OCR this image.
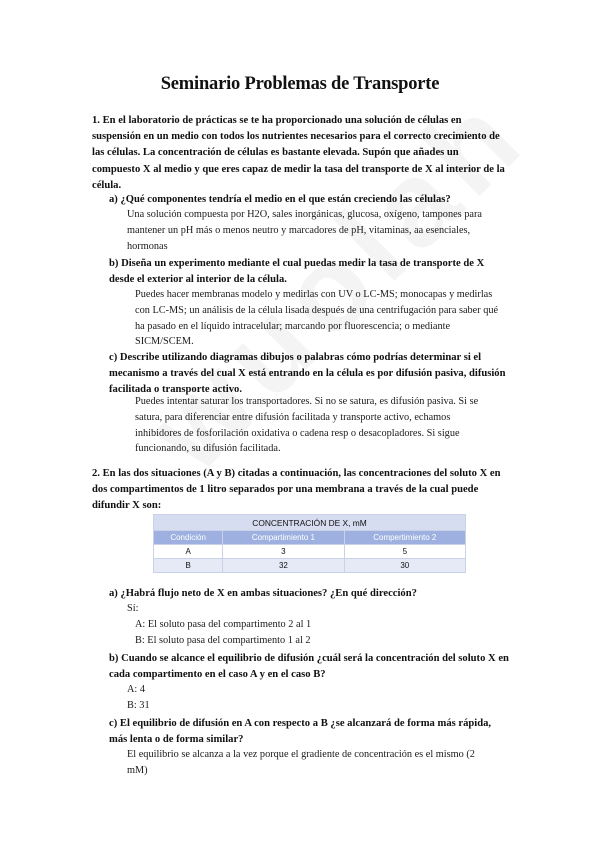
Seminario Problemas de Transporte
1. En el laboratorio de prácticas se te ha proporcionado una solución de células en
suspensión en un medio con todos los nutrientes necesarios para el correcto crecimiento de
las células. La concentración de células es bastante elevada. Supón que añades un
compuesto X al medio y que eres capaz de medir la tasa del transporte de X al interior de la
célula.
a) ¿Qué componentes tendría el medio en el que están creciendo las células?
Una solución compuesta por H2O, sales inorgánicas, glucosa, oxígeno, tampones para
mantener un pH más o menos neutro y marcadores de pH, vitaminas, aa esenciales,
hormonas
b) Diseña un experimento mediante el cual puedas medir la tasa de transporte de X
desde el exterior al interior de la célula.
Puedes hacer membranas modelo y medirlas con UV o LC-MS; monocapas y medirlas
con LC-MS; un análisis de la célula lisada después de una centrifugación para saber qué
ha pasado en el líquido intracelular; marcando por fluorescencia; o mediante
SICM/SCEM.
c) Describe utilizando diagramas dibujos o palabras cómo podrías determinar si el
mecanismo a través del cual X está entrando en la célula es por difusión pasiva, difusión
facilitada o transporte activo.
Puedes intentar saturar los transportadores. Si no se satura, es difusión pasiva. Si se
satura, para diferenciar entre difusión facilitada y transporte activo, echamos
inhibidores de fosforilación oxidativa o cadena resp o desacopladores. Si sigue
funcionando, su difusión facilitada.
2. En las dos situaciones (A y B) citadas a continuación, las concentraciones del soluto X en
dos compartimentos de 1 litro separados por una membrana a través de la cual puede
difundir X son:
CONCENTRACIÓN DE X, mM		
Condición	Compartimiento 1	Compertimiento 2
A	3	5
B	32	30
a) ¿Habrá flujo neto de X en ambas situaciones? ¿En qué dirección?
Sí:
A: El soluto pasa del compartimento 2 al 1
B: El soluto pasa del compartimento 1 al 2
b) Cuando se alcance el equilibrio de difusión ¿cuál será la concentración del soluto X en
cada compartimento en el caso A y en el caso B?
A: 4
B: 31
c) El equilibrio de difusión en A con respecto a B ¿se alcanzará de forma más rápida,
más lenta o de forma similar?
El equilibrio se alcanza a la vez porque el gradiente de concentración es el mismo (2
mM)
